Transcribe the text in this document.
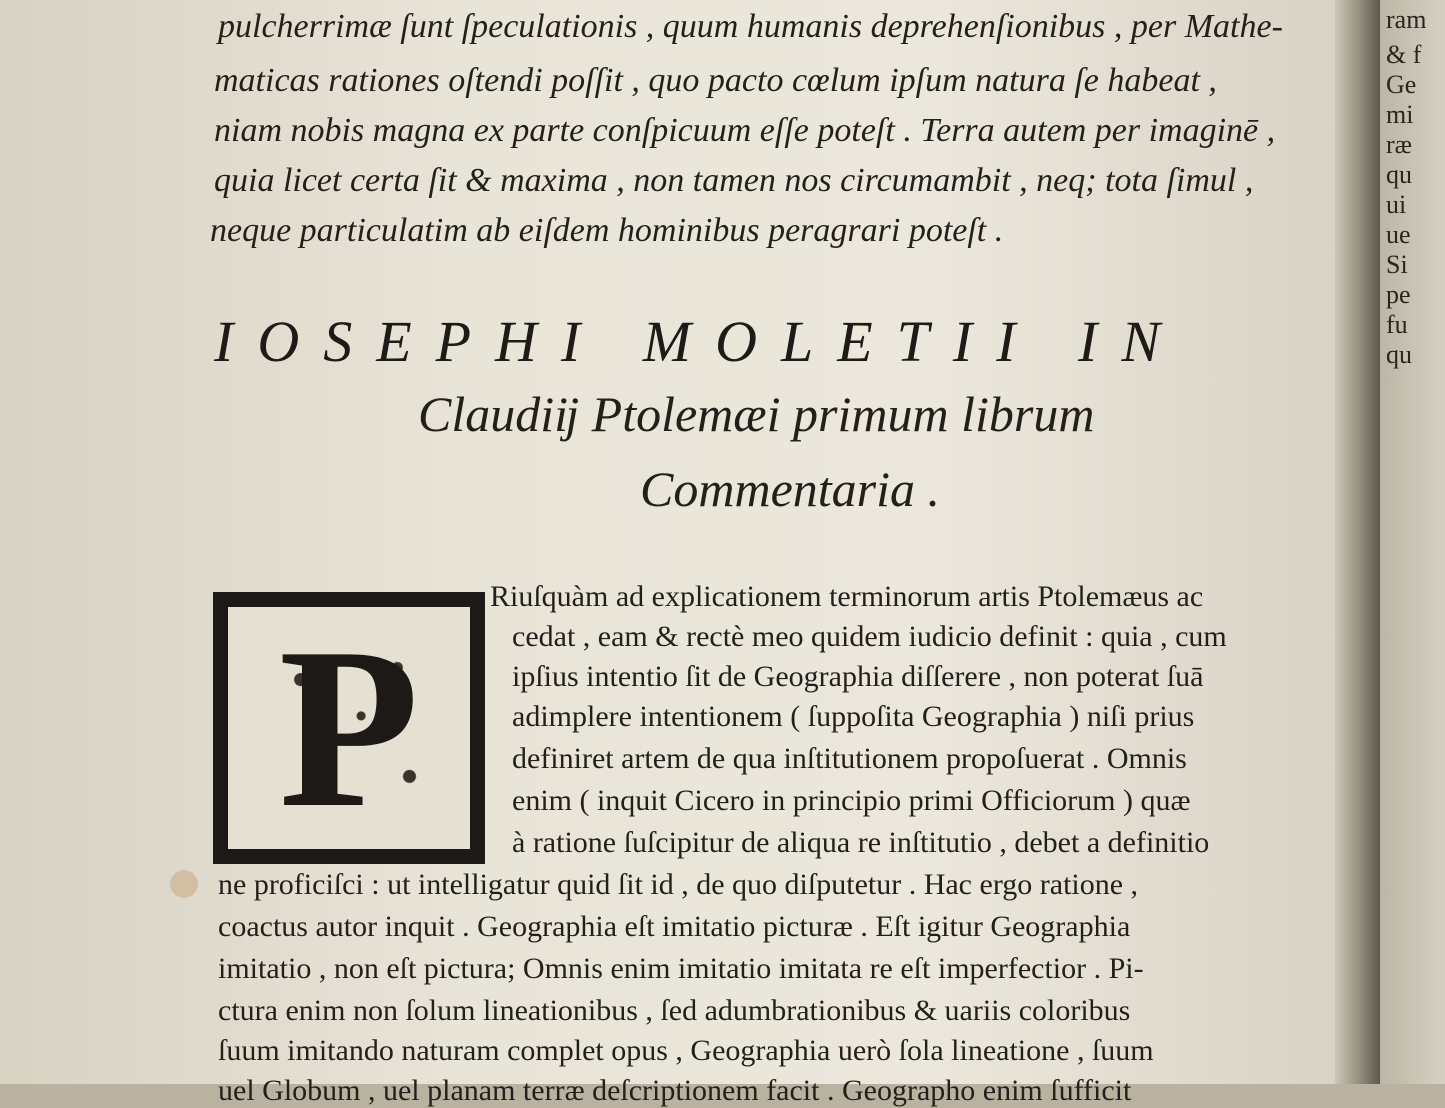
pulcherrimæ ſunt ſpeculationis , quum humanis deprehenſionibus , per Mathe-
maticas rationes oſtendi poſſit , quo pacto cœlum ipſum natura ſe habeat ,
niam nobis magna ex parte conſpicuum eſſe poteſt . Terra autem per imaginē ,
quia licet certa ſit & maxima , non tamen nos circumambit , neq; tota ſimul ,
neque particulatim ab eiſdem hominibus peragrari poteſt .
IOSEPHI MOLETII IN
Claudiĳ Ptolemæi primum librum
Commentaria .
P
Riuſquàm ad explicationem terminorum artis Ptolemæus ac
cedat , eam & rectè meo quidem iudicio definit : quia , cum
ipſius intentio ſit de Geographia diſſerere , non poterat ſuā
adimplere intentionem ( ſuppoſita Geographia ) niſi prius
definiret artem de qua inſtitutionem propoſuerat . Omnis
enim ( inquit Cicero in principio primi Officiorum ) quæ
à ratione ſuſcipitur de aliqua re inſtitutio , debet a definitio
ne proficiſci : ut intelligatur quid ſit id , de quo diſputetur . Hac ergo ratione ,
coactus autor inquit . Geographia eſt imitatio picturæ . Eſt igitur Geographia
imitatio , non eſt pictura; Omnis enim imitatio imitata re eſt imperfectior . Pi-
ctura enim non ſolum lineationibus , ſed adumbrationibus & uariis coloribus
ſuum imitando naturam complet opus , Geographia uerò ſola lineatione , ſuum
uel Globum , uel planam terræ deſcriptionem facit . Geographo enim ſufficit
ram
& f
Ge
mi
ræ
qu
ui
ue
Si
pe
fu
qu
